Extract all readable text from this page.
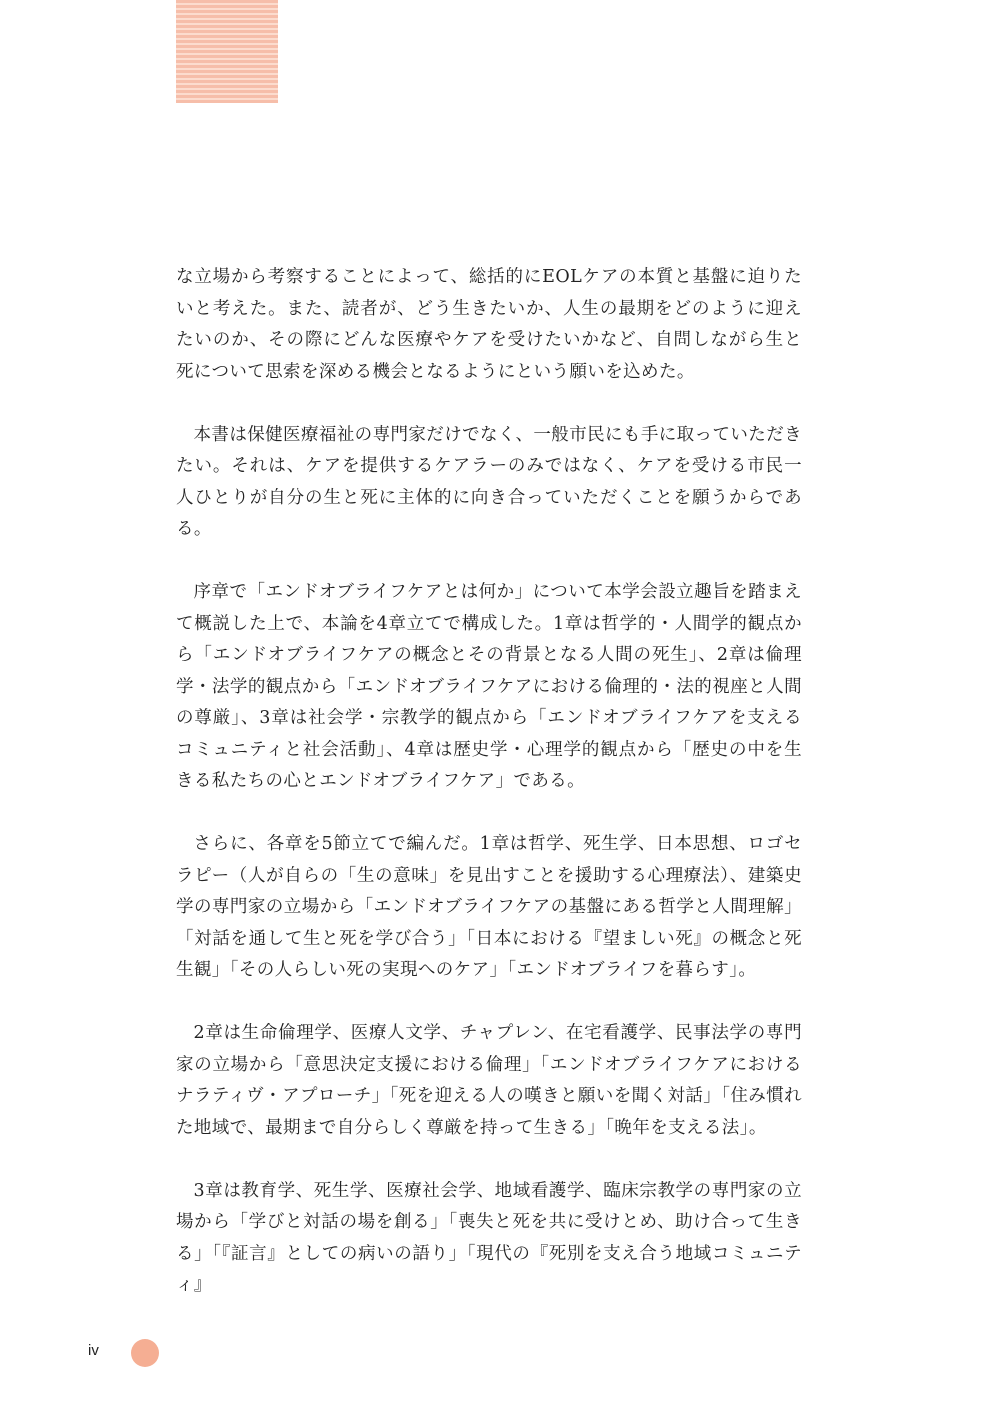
な立場から考察することによって、総括的にEOLケアの本質と基盤に迫りたいと考えた。また、読者が、どう生きたいか、人生の最期をどのように迎えたいのか、その際にどんな医療やケアを受けたいかなど、自問しながら生と死について思索を深める機会となるようにという願いを込めた。

本書は保健医療福祉の専門家だけでなく、一般市民にも手に取っていただきたい。それは、ケアを提供するケアラーのみではなく、ケアを受ける市民一人ひとりが自分の生と死に主体的に向き合っていただくことを願うからである。

序章で「エンドオブライフケアとは何か」について本学会設立趣旨を踏まえて概説した上で、本論を4章立てで構成した。1章は哲学的・人間学的観点から「エンドオブライフケアの概念とその背景となる人間の死生」、2章は倫理学・法学的観点から「エンドオブライフケアにおける倫理的・法的視座と人間の尊厳」、3章は社会学・宗教学的観点から「エンドオブライフケアを支えるコミュニティと社会活動」、4章は歴史学・心理学的観点から「歴史の中を生きる私たちの心とエンドオブライフケア」である。

さらに、各章を5節立てで編んだ。1章は哲学、死生学、日本思想、ロゴセラピー（人が自らの「生の意味」を見出すことを援助する心理療法）、建築史学の専門家の立場から「エンドオブライフケアの基盤にある哲学と人間理解」「対話を通して生と死を学び合う」「日本における『望ましい死』の概念と死生観」「その人らしい死の実現へのケア」「エンドオブライフを暮らす」。

2章は生命倫理学、医療人文学、チャプレン、在宅看護学、民事法学の専門家の立場から「意思決定支援における倫理」「エンドオブライフケアにおけるナラティヴ・アプローチ」「死を迎える人の嘆きと願いを聞く対話」「住み慣れた地域で、最期まで自分らしく尊厳を持って生きる」「晩年を支える法」。

3章は教育学、死生学、医療社会学、地域看護学、臨床宗教学の専門家の立場から「学びと対話の場を創る」「喪失と死を共に受けとめ、助け合って生きる」「『証言』としての病いの語り」「現代の『死別を支え合う地域コミュニティ』

iv
